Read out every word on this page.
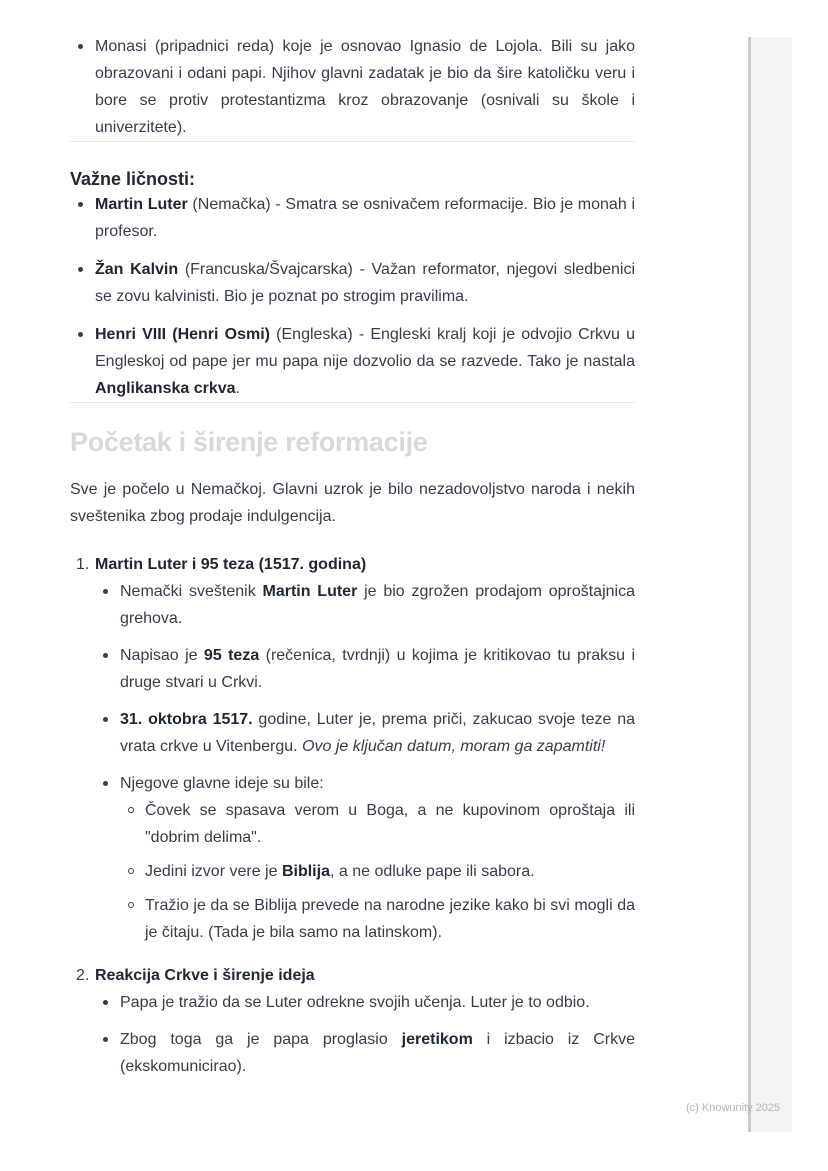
Monasi (pripadnici reda) koje je osnovao Ignasio de Lojola. Bili su jako obrazovani i odani papi. Njihov glavni zadatak je bio da šire katoličku veru i bore se protiv protestantizma kroz obrazovanje (osnivali su škole i univerzitete).
Važne ličnosti:
Martin Luter (Nemačka) - Smatra se osnivačem reformacije. Bio je monah i profesor.
Žan Kalvin (Francuska/Švajcarska) - Važan reformator, njegovi sledbenici se zovu kalvinisti. Bio je poznat po strogim pravilima.
Henri VIII (Henri Osmi) (Engleska) - Engleski kralj koji je odvojio Crkvu u Engleskoj od pape jer mu papa nije dozvolio da se razvede. Tako je nastala Anglikanska crkva.
Početak i širenje reformacije

Sve je počelo u Nemačkoj. Glavni uzrok je bilo nezadovoljstvo naroda i nekih sveštenika zbog prodaje indulgencija.

1. Martin Luter i 95 teza (1517. godina)
Nemački sveštenik Martin Luter je bio zgrožen prodajom oproštajnica grehova.
Napisao je 95 teza (rečenica, tvrdnji) u kojima je kritikovao tu praksu i druge stvari u Crkvi.
31. oktobra 1517. godine, Luter je, prema priči, zakucao svoje teze na vrata crkve u Vitenbergu. Ovo je ključan datum, moram ga zapamtiti!
Njegove glavne ideje su bile:
Čovek se spasava verom u Boga, a ne kupovinom oproštaja ili "dobrim delima".
Jedini izvor vere je Biblija, a ne odluke pape ili sabora.
Tražio je da se Biblija prevede na narodne jezike kako bi svi mogli da je čitaju. (Tada je bila samo na latinskom).
2. Reakcija Crkve i širenje ideja
Papa je tražio da se Luter odrekne svojih učenja. Luter je to odbio.
Zbog toga ga je papa proglasio jeretikom i izbacio iz Crkve (ekskomunicirao).
(c) Knowunity 2025
